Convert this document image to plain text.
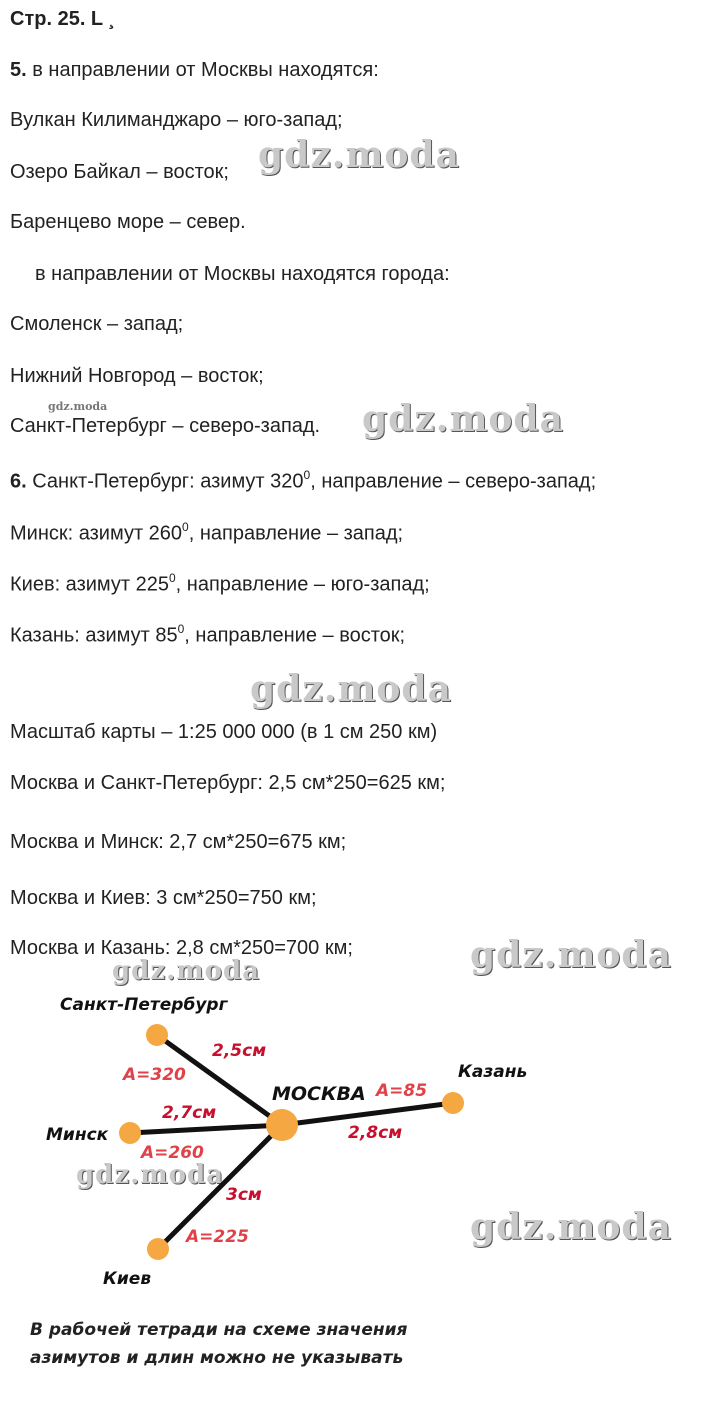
Стр. 25. L ¸
5. в направлении от Москвы находятся:
Вулкан Килиманджаро – юго-запад;
Озеро Байкал – восток;
Баренцево море – север.
в направлении от Москвы находятся города:
Смоленск – запад;
Нижний Новгород – восток;
Санкт-Петербург – северо-запад.
6. Санкт-Петербург: азимут $320^0$, направление – северо-запад;
Минск: азимут $260^0$, направление – запад;
Киев: азимут $225^0$, направление – юго-запад;
Казань: азимут $85^0$, направление – восток;
Масштаб карты – 1:25 000 000 (в 1 см 250 км)
Москва и Санкт-Петербург: 2,5 см*250=625 км;
Москва и Минск: 2,7 см*250=675 км;
Москва и Киев: 3 см*250=750 км;
Москва и Казань: 2,8 см*250=700 км;
gdz.moda
gdz.moda	gdz.moda
gdz.moda
gdz.moda
gdz.moda
gdz.moda
gdz.moda
МОСКВА
Санкт-Петербург
Минск
Киев
Казань
2,5см
2,7см
3см
2,8см
A=320
A=260
A=225
A=85
В рабочей тетради на схеме значения
азимутов и длин можно не указывать
